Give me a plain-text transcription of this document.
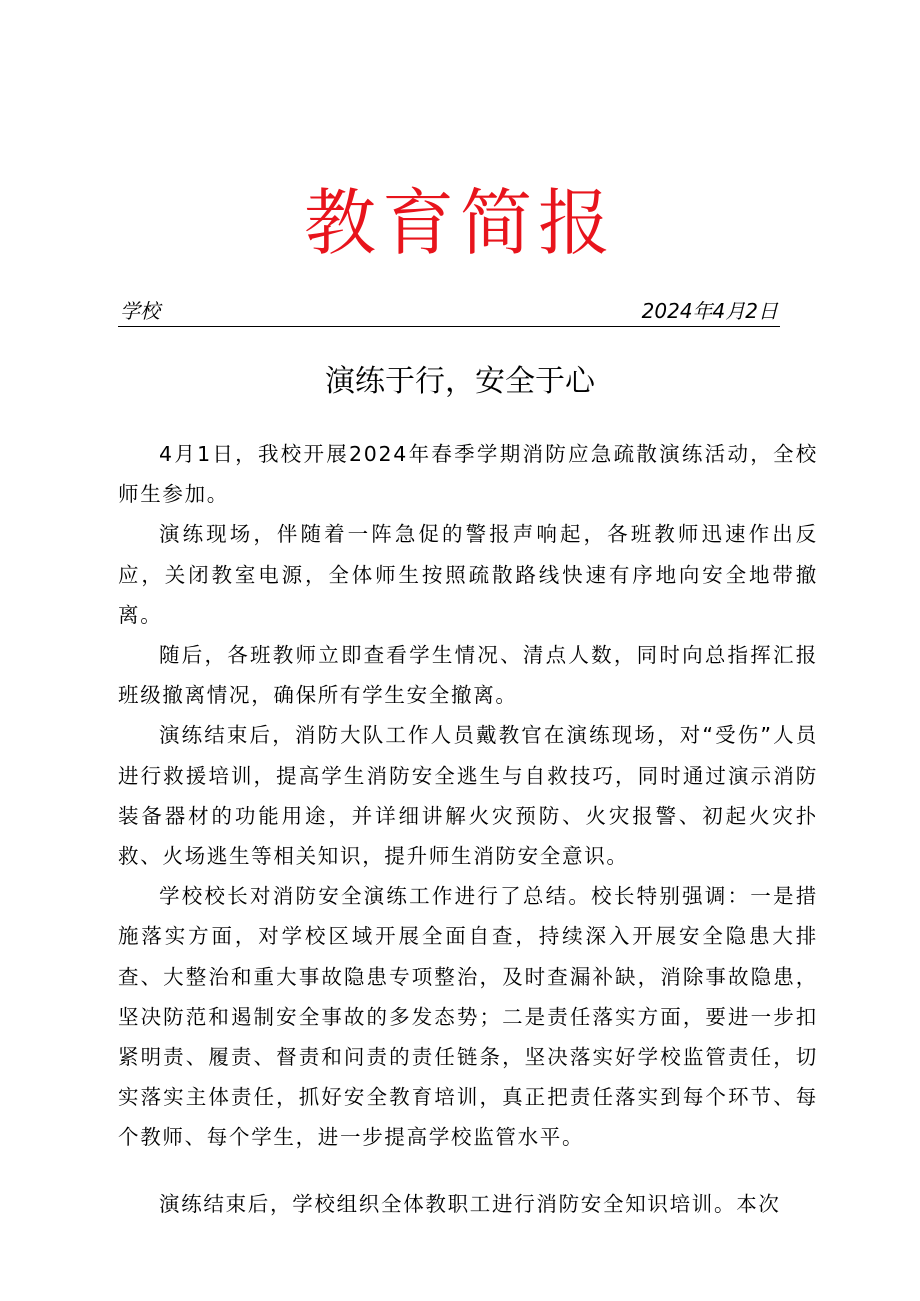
教育简报
学校	2024年4月2日
演练于行，安全于心

4月1日，我校开展2024年春季学期消防应急疏散演练活动，全校师生参加。

演练现场，伴随着一阵急促的警报声响起，各班教师迅速作出反应，关闭教室电源，全体师生按照疏散路线快速有序地向安全地带撤离。

随后，各班教师立即查看学生情况、清点人数，同时向总指挥汇报班级撤离情况，确保所有学生安全撤离。

演练结束后，消防大队工作人员戴教官在演练现场，对“受伤”人员进行救援培训，提高学生消防安全逃生与自救技巧，同时通过演示消防装备器材的功能用途，并详细讲解火灾预防、火灾报警、初起火灾扑救、火场逃生等相关知识，提升师生消防安全意识。

学校校长对消防安全演练工作进行了总结。校长特别强调：一是措施落实方面，对学校区域开展全面自查，持续深入开展安全隐患大排查、大整治和重大事故隐患专项整治，及时查漏补缺，消除事故隐患，坚决防范和遏制安全事故的多发态势；二是责任落实方面，要进一步扣紧明责、履责、督责和问责的责任链条，坚决落实好学校监管责任，切实落实主体责任，抓好安全教育培训，真正把责任落实到每个环节、每个教师、每个学生，进一步提高学校监管水平。

演练结束后，学校组织全体教职工进行消防安全知识培训。本次
